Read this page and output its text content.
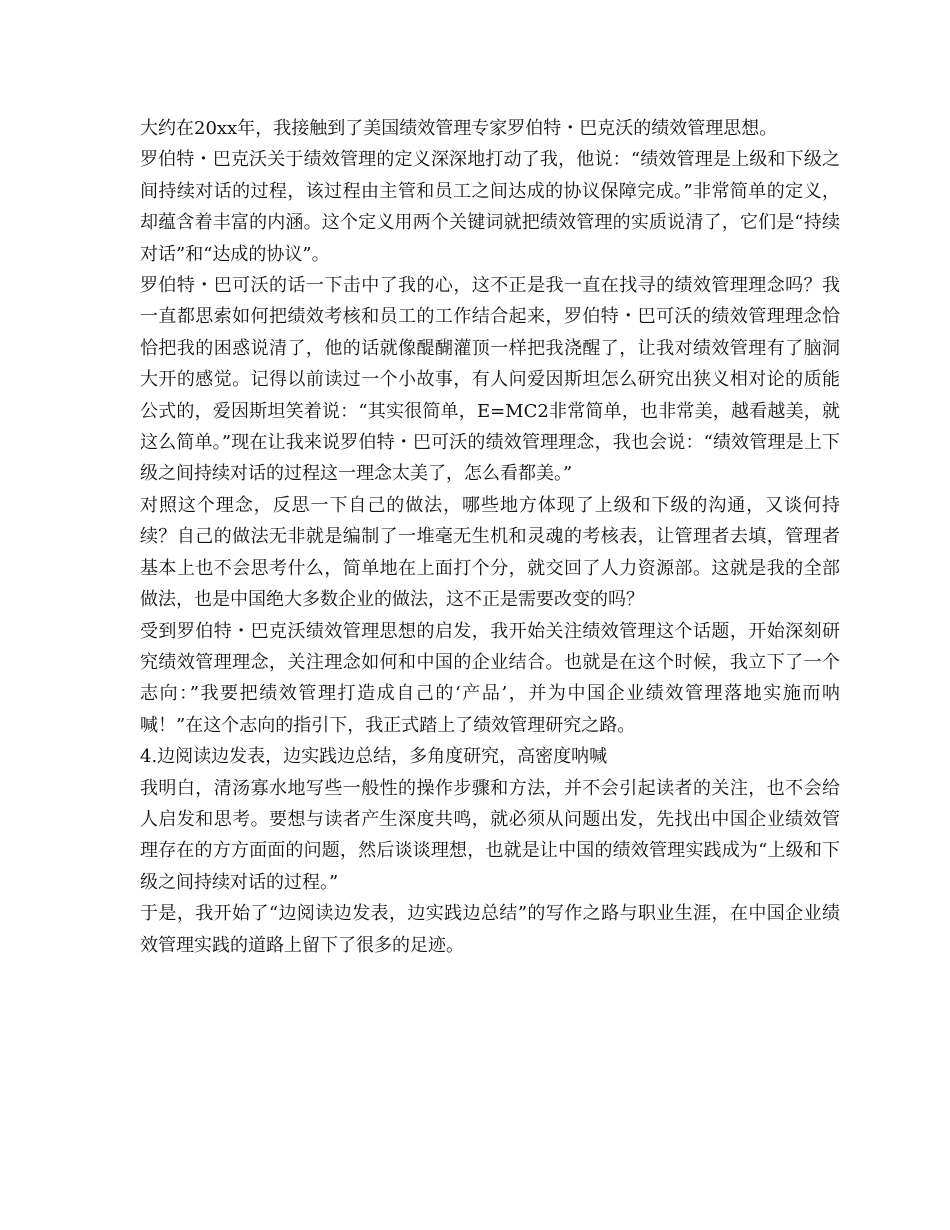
大约在20xx年，我接触到了美国绩效管理专家罗伯特・巴克沃的绩效管理思想。

罗伯特・巴克沃关于绩效管理的定义深深地打动了我，他说：“绩效管理是上级和下级之间持续对话的过程，该过程由主管和员工之间达成的协议保障完成。”非常简单的定义，却蕴含着丰富的内涵。这个定义用两个关键词就把绩效管理的实质说清了，它们是“持续对话”和“达成的协议”。

罗伯特・巴可沃的话一下击中了我的心，这不正是我一直在找寻的绩效管理理念吗？我一直都思索如何把绩效考核和员工的工作结合起来，罗伯特・巴可沃的绩效管理理念恰恰把我的困惑说清了，他的话就像醍醐灌顶一样把我浇醒了，让我对绩效管理有了脑洞大开的感觉。记得以前读过一个小故事，有人问爱因斯坦怎么研究出狭义相对论的质能公式的，爱因斯坦笑着说：“其实很简单，E=MC2非常简单，也非常美，越看越美，就这么简单。”现在让我来说罗伯特・巴可沃的绩效管理理念，我也会说：“绩效管理是上下级之间持续对话的过程这一理念太美了，怎么看都美。”

对照这个理念，反思一下自己的做法，哪些地方体现了上级和下级的沟通，又谈何持续？自己的做法无非就是编制了一堆毫无生机和灵魂的考核表，让管理者去填，管理者基本上也不会思考什么，简单地在上面打个分，就交回了人力资源部。这就是我的全部做法，也是中国绝大多数企业的做法，这不正是需要改变的吗？

受到罗伯特・巴克沃绩效管理思想的启发，我开始关注绩效管理这个话题，开始深刻研究绩效管理理念，关注理念如何和中国的企业结合。也就是在这个时候，我立下了一个志向：”我要把绩效管理打造成自己的‘产品’，并为中国企业绩效管理落地实施而呐喊！”在这个志向的指引下，我正式踏上了绩效管理研究之路。

4.边阅读边发表，边实践边总结，多角度研究，高密度呐喊

我明白，清汤寡水地写些一般性的操作步骤和方法，并不会引起读者的关注，也不会给人启发和思考。要想与读者产生深度共鸣，就必须从问题出发，先找出中国企业绩效管理存在的方方面面的问题，然后谈谈理想，也就是让中国的绩效管理实践成为“上级和下级之间持续对话的过程。”

于是，我开始了“边阅读边发表，边实践边总结”的写作之路与职业生涯，在中国企业绩效管理实践的道路上留下了很多的足迹。
